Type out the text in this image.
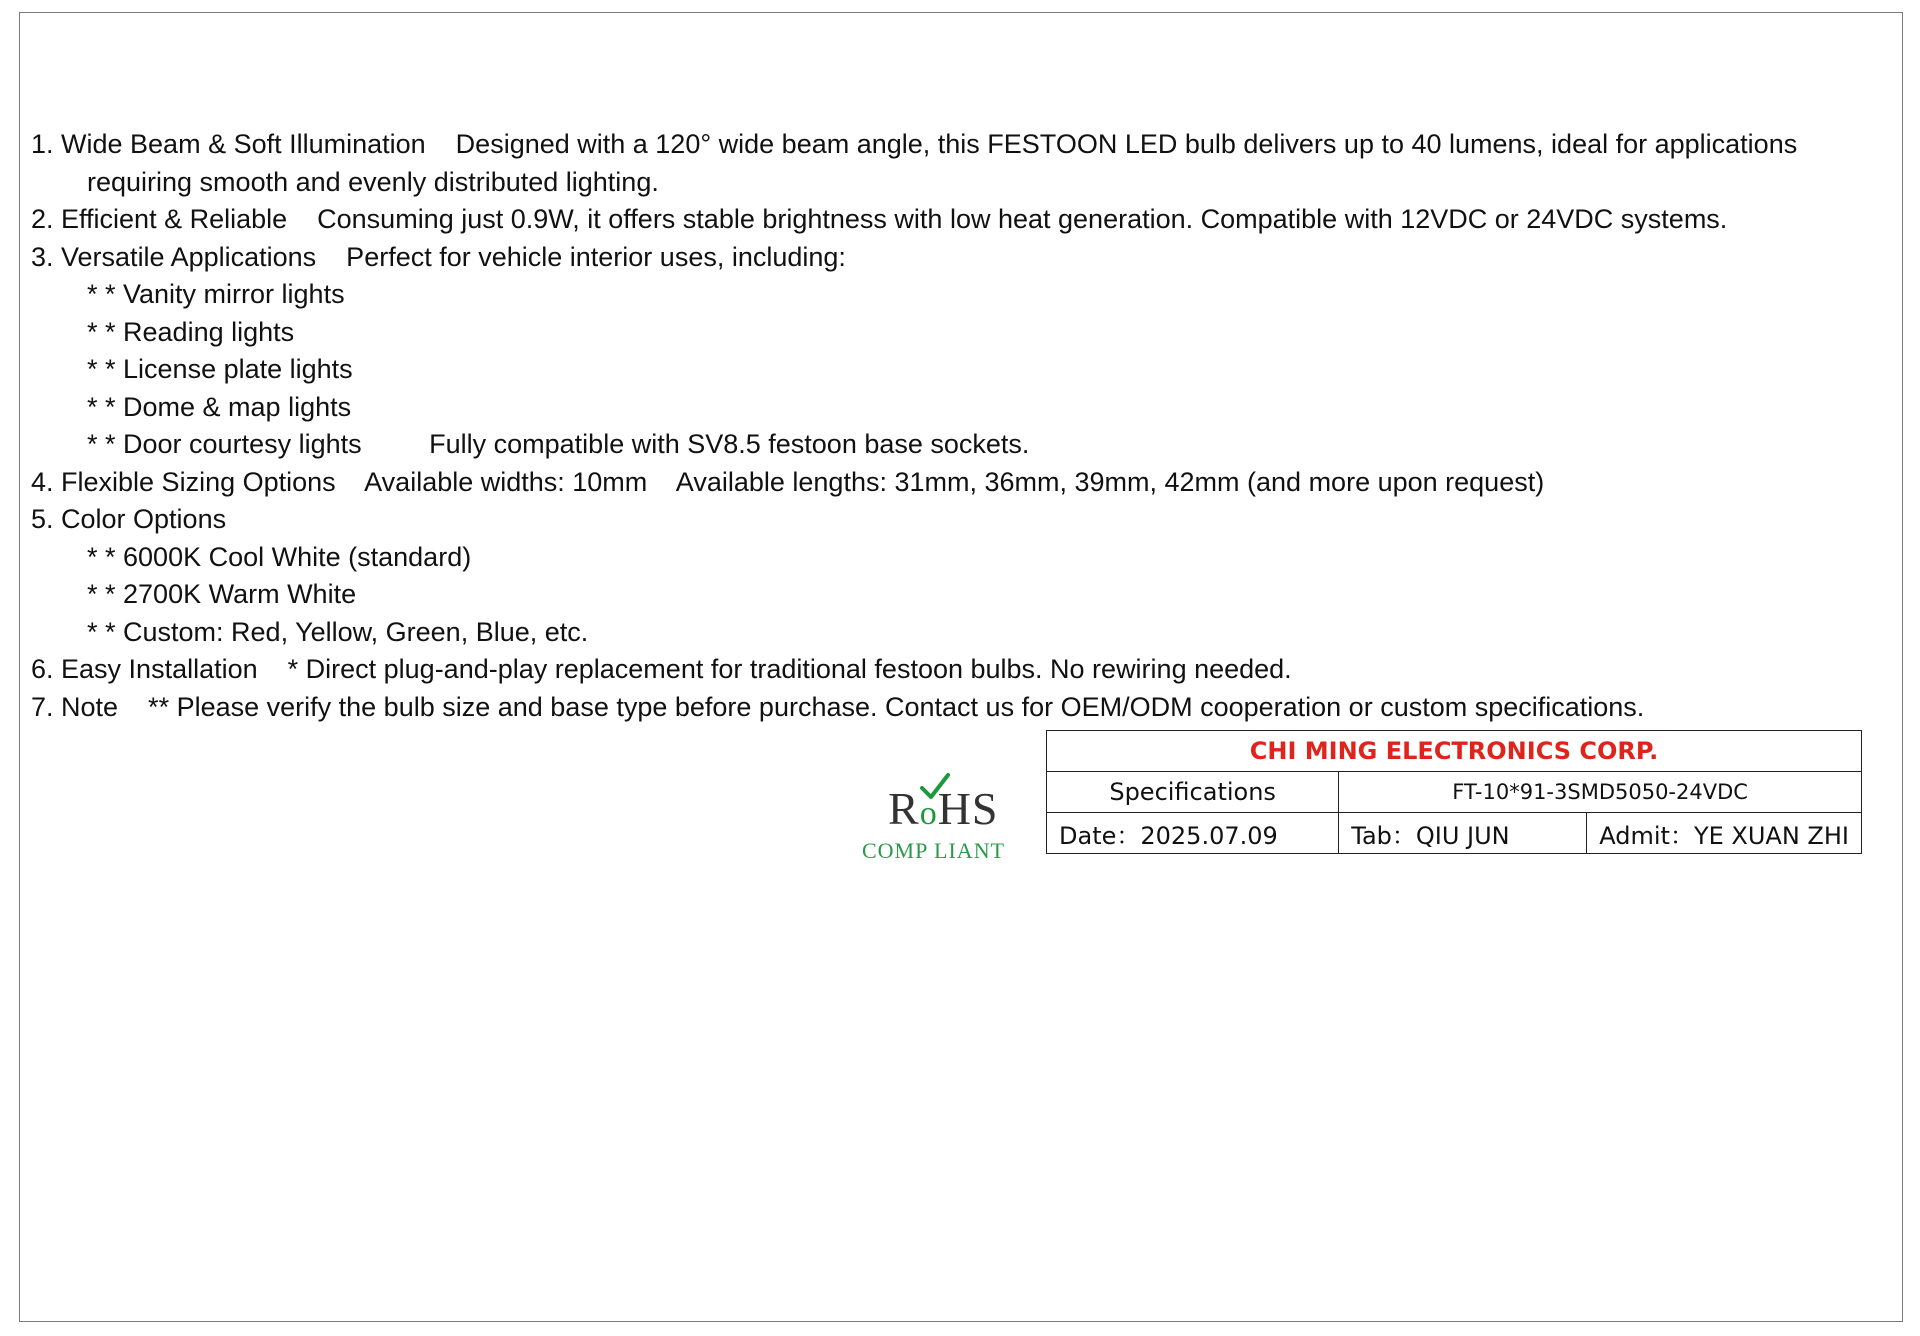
1. Wide Beam & Soft Illumination    Designed with a 120° wide beam angle, this FESTOON LED bulb delivers up to 40 lumens, ideal for applications

requiring smooth and evenly distributed lighting.

2. Efficient & Reliable    Consuming just 0.9W, it offers stable brightness with low heat generation. Compatible with 12VDC or 24VDC systems.

3. Versatile Applications    Perfect for vehicle interior uses, including:

* * Vanity mirror lights

* * Reading lights

* * License plate lights

* * Dome & map lights

* * Door courtesy lights         Fully compatible with SV8.5 festoon base sockets.

4. Flexible Sizing Options    Available widths: 10mm    Available lengths: 31mm, 36mm, 39mm, 42mm (and more upon request)

5. Color Options

* * 6000K Cool White (standard)

* * 2700K Warm White

* * Custom: Red, Yellow, Green, Blue, etc.

6. Easy Installation    * Direct plug-and-play replacement for traditional festoon bulbs. No rewiring needed.

7. Note    ** Please verify the bulb size and base type before purchase. Contact us for OEM/ODM cooperation or custom specifications.

RoHS
COMP LIANT
CHI MING ELECTRONICS CORP.		
Specifications	FT-10*91-3SMD5050-24VDC	
Date：2025.07.09	Tab：QIU JUN	Admit：YE XUAN ZHI
